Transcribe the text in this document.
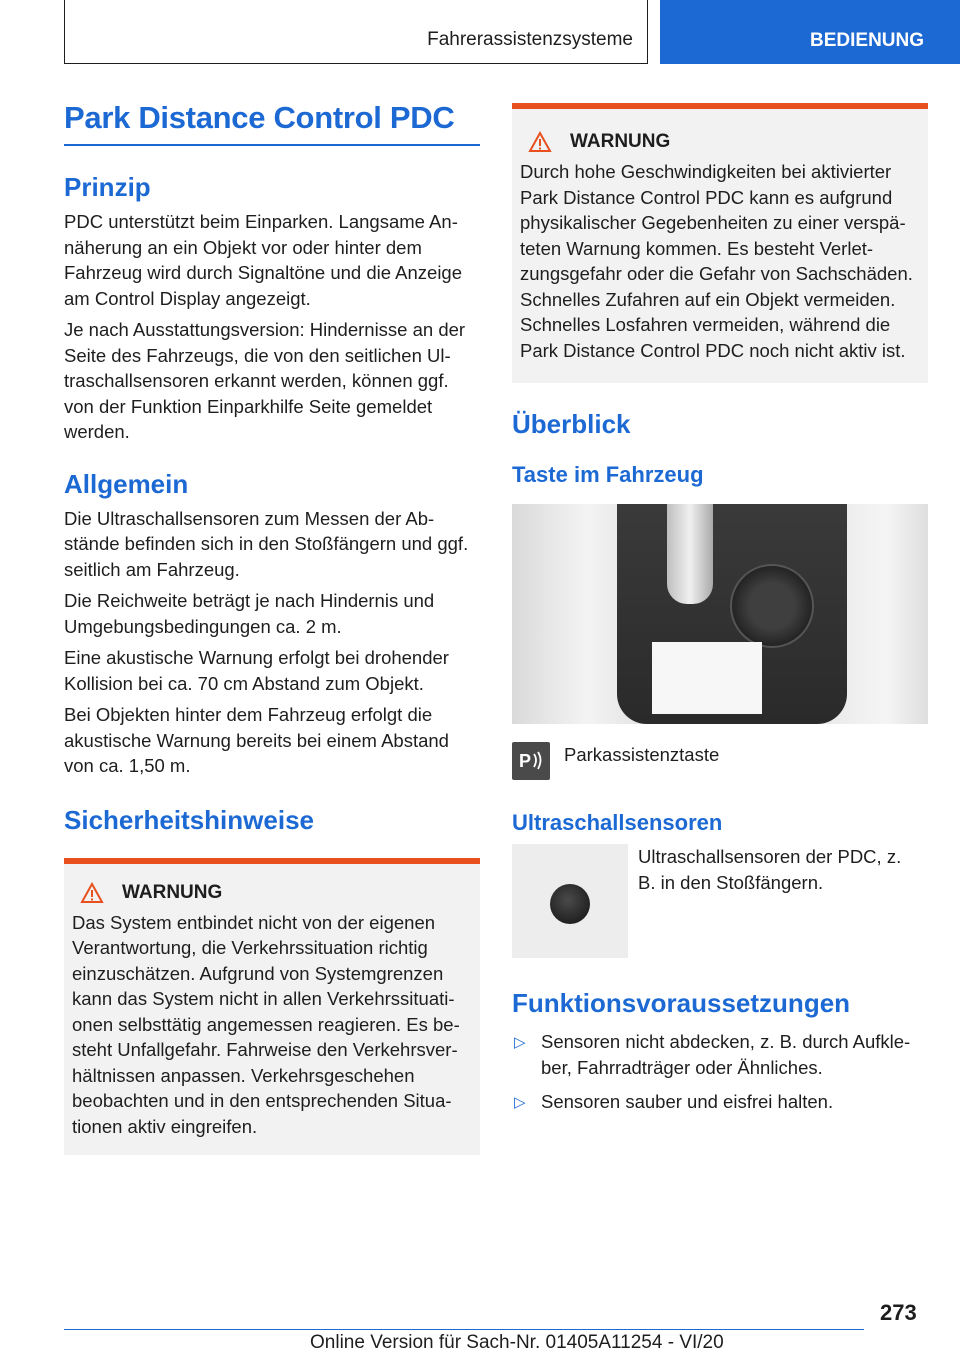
Fahrerassistenzsysteme	BEDIENUNG
Park Distance Control PDC
Prinzip

PDC unterstützt beim Einparken. Langsame Annäherung an ein Objekt vor oder hinter dem Fahrzeug wird durch Signaltöne und die Anzeige am Control Display angezeigt.

Je nach Ausstattungsversion: Hindernisse an der Seite des Fahrzeugs, die von den seitlichen Ultraschallsensoren erkannt werden, können ggf. von der Funktion Einparkhilfe Seite gemeldet werden.

Allgemein

Die Ultraschallsensoren zum Messen der Abstände befinden sich in den Stoßfängern und ggf. seitlich am Fahrzeug.

Die Reichweite beträgt je nach Hindernis und Umgebungsbedingungen ca. 2 m.

Eine akustische Warnung erfolgt bei drohender Kollision bei ca. 70 cm Abstand zum Objekt.

Bei Objekten hinter dem Fahrzeug erfolgt die akustische Warnung bereits bei einem Abstand von ca. 1,50 m.

Sicherheitshinweise
WARNUNG

Das System entbindet nicht von der eigenen Verantwortung, die Verkehrssituation richtig einzuschätzen. Aufgrund von Systemgrenzen kann das System nicht in allen Verkehrssituationen selbsttätig angemessen reagieren. Es besteht Unfallgefahr. Fahrweise den Verkehrsverhältnissen anpassen. Verkehrsgeschehen beobachten und in den entsprechenden Situationen aktiv eingreifen.

WARNUNG

Durch hohe Geschwindigkeiten bei aktivierter Park Distance Control PDC kann es aufgrund physikalischer Gegebenheiten zu einer verspäteten Warnung kommen. Es besteht Verletzungsgefahr oder die Gefahr von Sachschäden. Schnelles Zufahren auf ein Objekt vermeiden. Schnelles Losfahren vermeiden, während die Park Distance Control PDC noch nicht aktiv ist.

Überblick
Taste im Fahrzeug
P Parkassistenztaste

Ultraschallsensoren

Ultraschallsensoren der PDC, z. B. in den Stoßfängern.

Funktionsvoraussetzungen
▷ Sensoren nicht abdecken, z. B. durch Aufkleber, Fahrradträger oder Ähnliches.
▷ Sensoren sauber und eisfrei halten.
273
Online Version für Sach-Nr. 01405A11254 - VI/20
